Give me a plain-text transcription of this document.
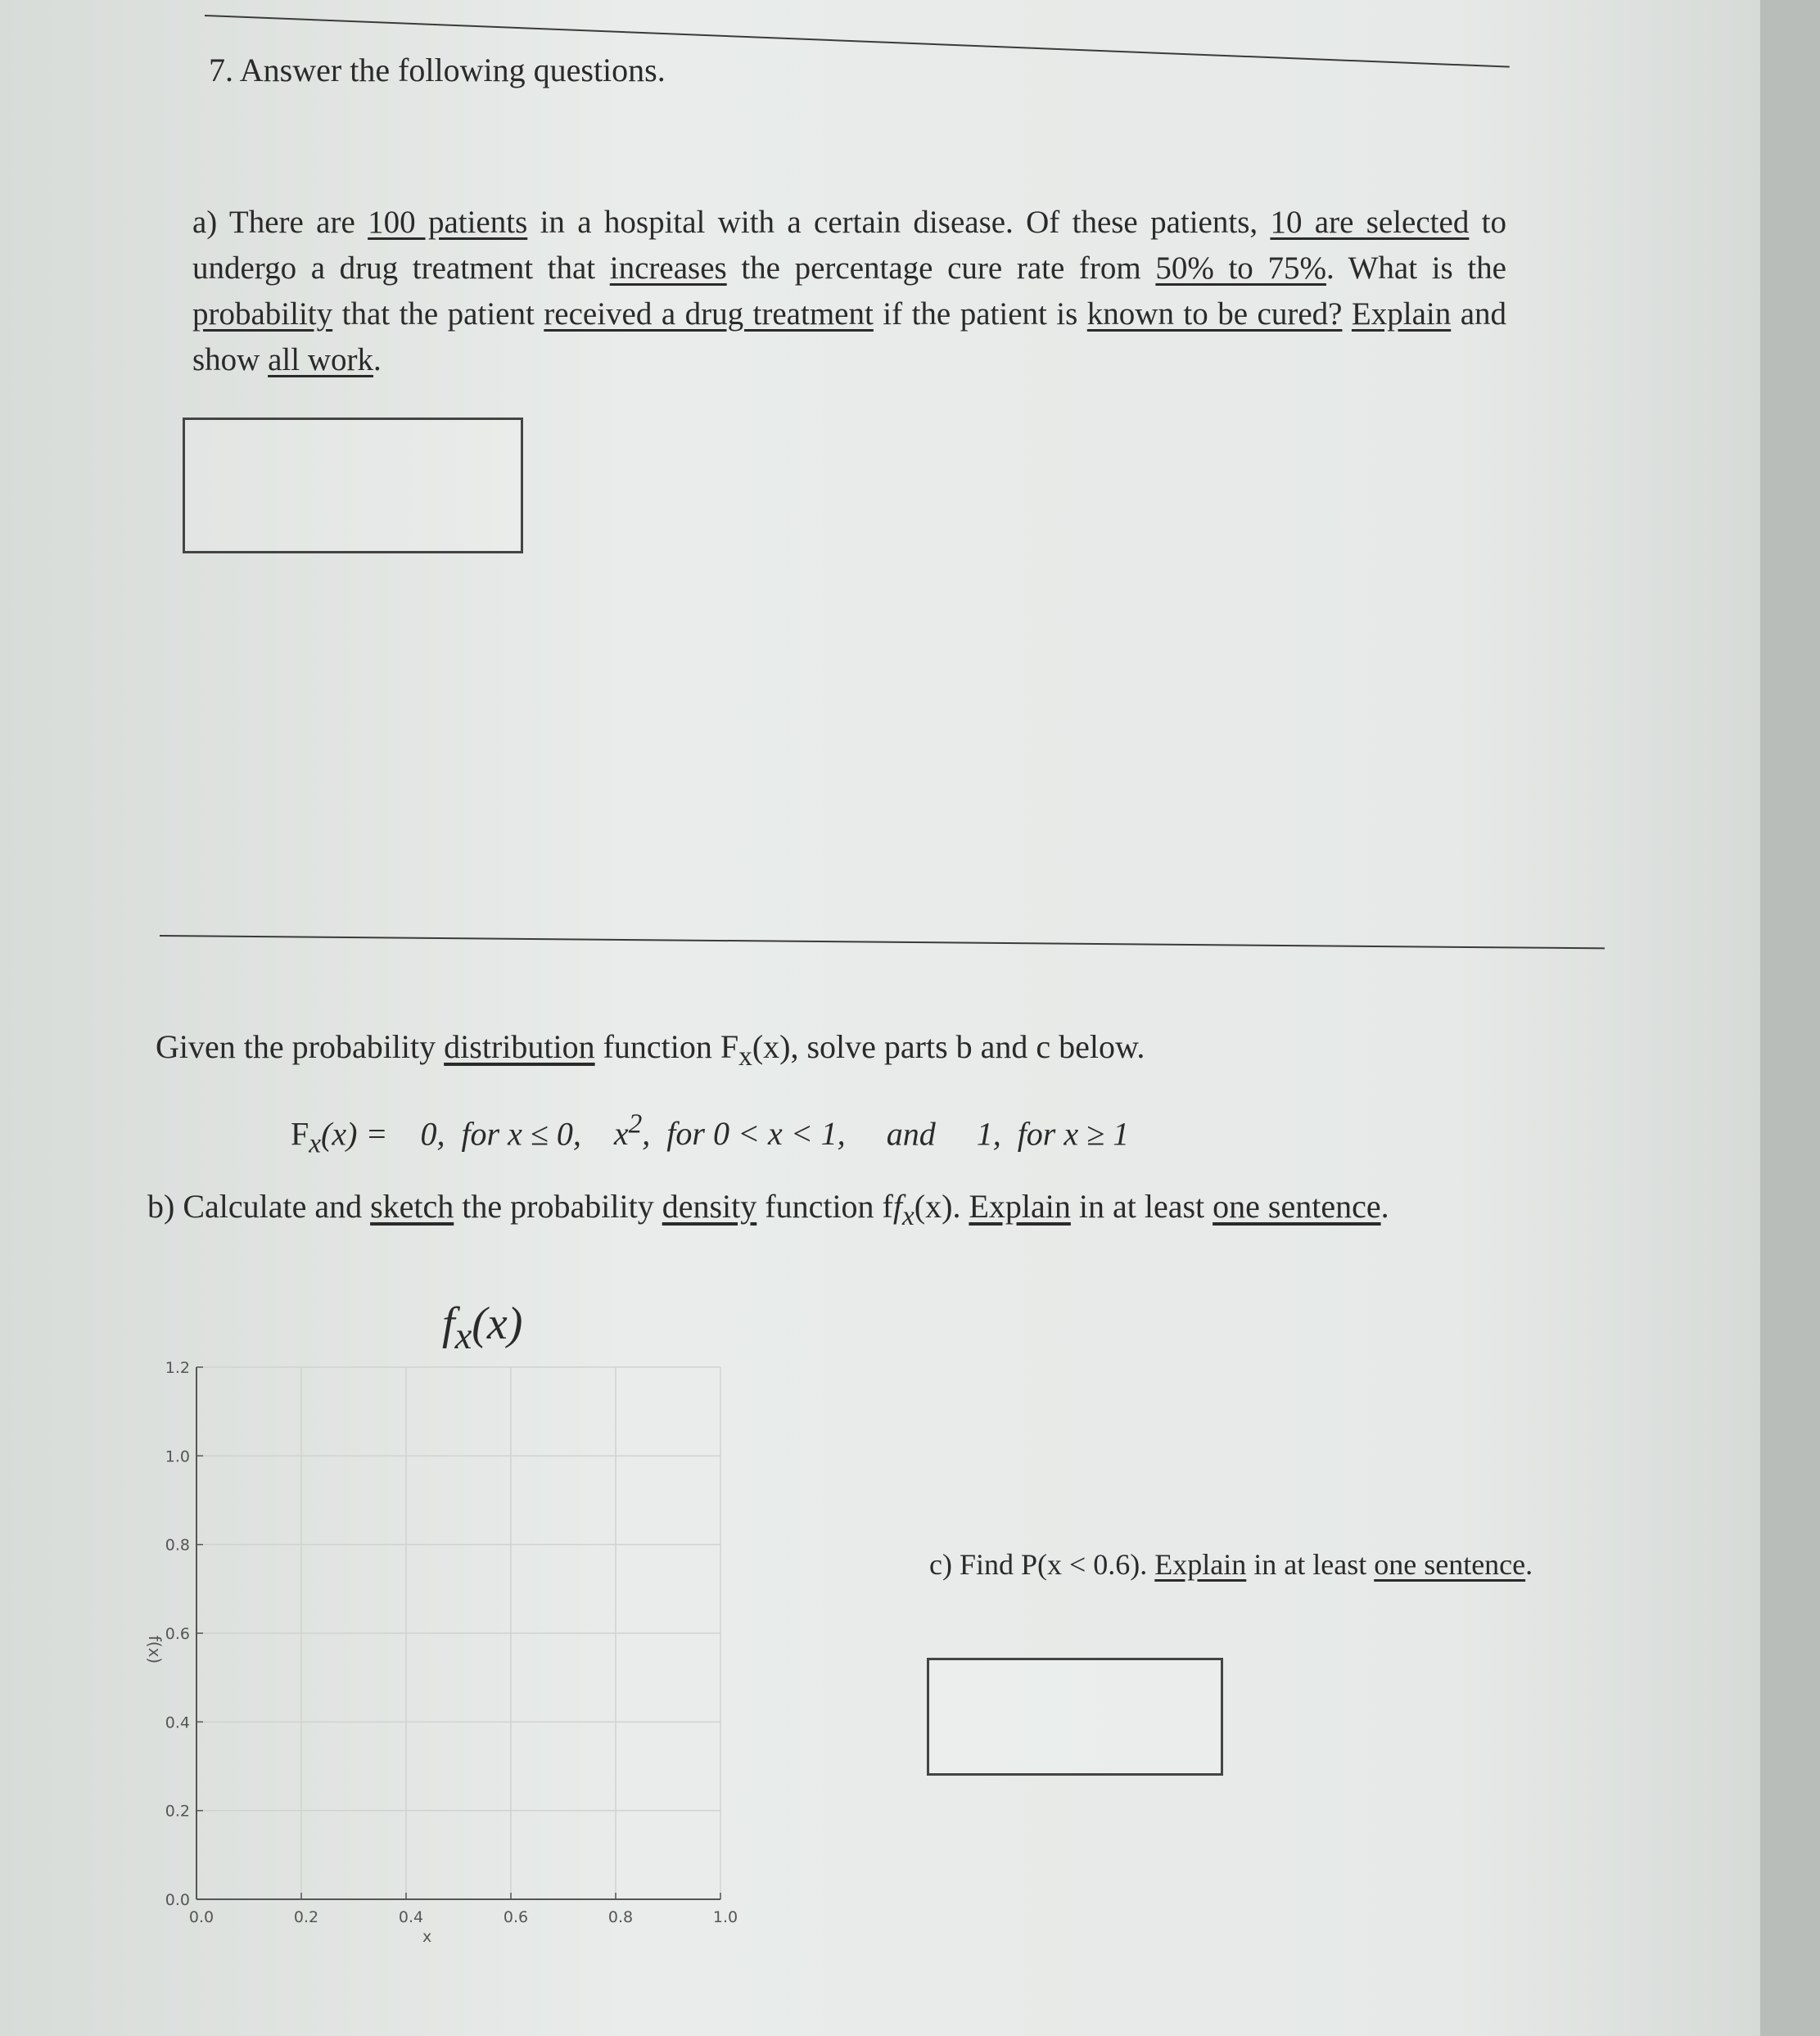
7. Answer the following questions.
a) There are 100 patients in a hospital with a certain disease. Of these patients, 10 are selected to undergo a drug treatment that increases the percentage cure rate from 50% to 75%. What is the probability that the patient received a drug treatment if the patient is known to be cured? Explain and show all work.
Given the probability distribution function $F_x(x)$, solve parts b and c below.
$F_x(x) = 0$,  for x ≤ 0, $x^2$,  for 0 < x < 1, and 1,  for x ≥ 1
b) Calculate and sketch the probability density function $ff_x(x)$. Explain in at least one sentence.
$f_x(x)$
0.0	0.2	0.4	0.6	0.8	1.0
0.0
0.2
0.4
0.6
0.8
1.0
1.2
x
f(x)
c) Find P(x < 0.6). Explain in at least one sentence.
